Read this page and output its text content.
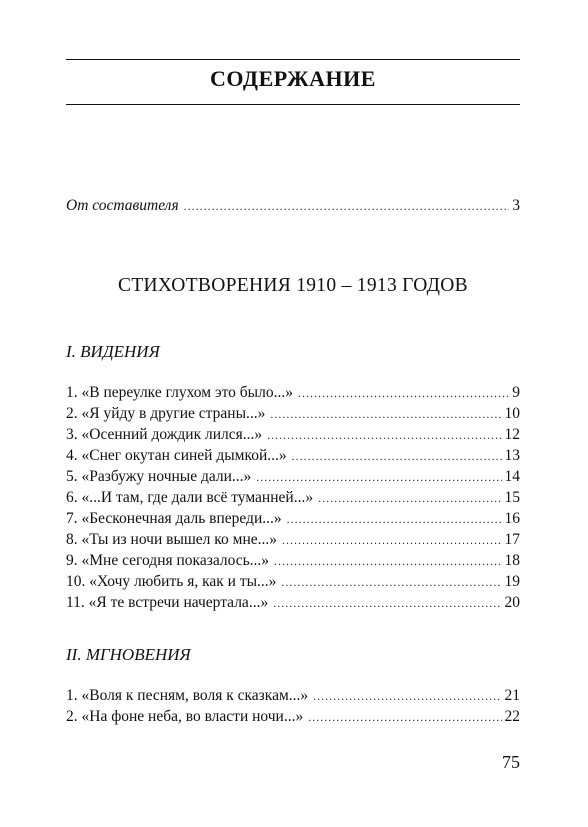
СОДЕРЖАНИЕ
От составителя .....	3
СТИХОТВОРЕНИЯ 1910 – 1913 ГОДОВ
I. ВИДЕНИЯ
1. «В переулке глухом это было...» .....	9
2. «Я уйду в другие страны...» .....	10
3. «Осенний дождик лился...» .....	12
4. «Снег окутан синей дымкой...» .....	13
5. «Разбужу ночные дали...» .....	14
6. «...И там, где дали всё туманней...» .....	15
7. «Бесконечная даль впереди...» .....	16
8. «Ты из ночи вышел ко мне...» .....	17
9. «Мне сегодня показалось...» .....	18
10. «Хочу любить я, как и ты...» .....	19
11. «Я те встречи начертала...» .....	20
II. МГНОВЕНИЯ
1. «Воля к песням, воля к сказкам...» .....	21
2. «На фоне неба, во власти ночи...» .....	22
75
